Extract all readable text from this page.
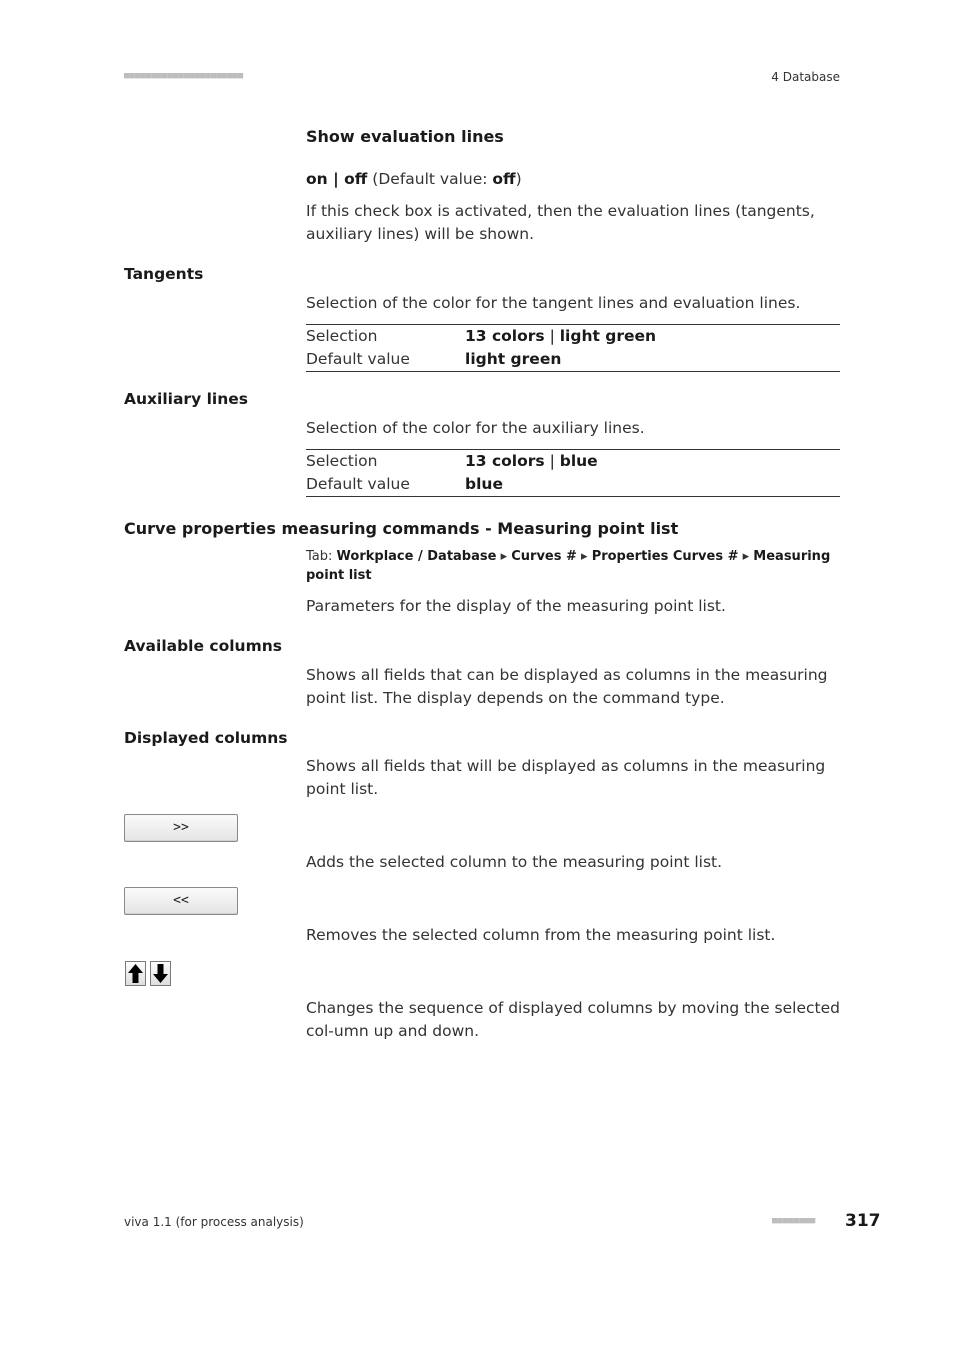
■■■■■■■■■■■■■■■■■■■■■■	4 Database
Show evaluation lines
on | off (Default value: off)
If this check box is activated, then the evaluation lines (tangents, auxiliary lines) will be shown.
Tangents
Selection of the color for the tangent lines and evaluation lines.
Selection	13 colors | light green
Default value	light green
Auxiliary lines
Selection of the color for the auxiliary lines.
Selection	13 colors | blue
Default value	blue
Curve properties measuring commands - Measuring point list
Tab: Workplace / Database ▸ Curves # ▸ Properties Curves # ▸ Measuring point list
Parameters for the display of the measuring point list.
Available columns
Shows all fields that can be displayed as columns in the measuring point list. The display depends on the command type.
Displayed columns
Shows all fields that will be displayed as columns in the measuring point list.
>>
Adds the selected column to the measuring point list.
<<
Removes the selected column from the measuring point list.
Changes the sequence of displayed columns by moving the selected col-umn up and down.
viva 1.1 (for process analysis)	■■■■■■■■ 317
